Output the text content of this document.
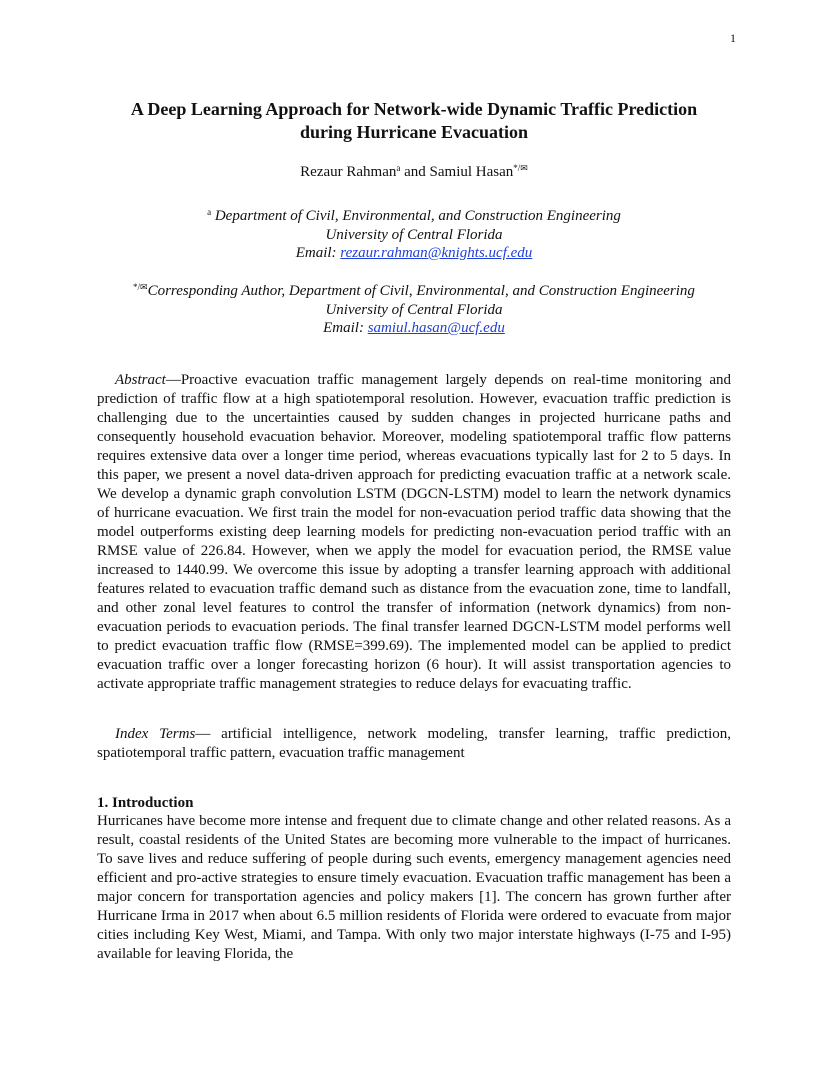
1
A Deep Learning Approach for Network-wide Dynamic Traffic Prediction
during Hurricane Evacuation
Rezaur Rahman$^a$ and Samiul Hasan*/✉
$^a$ Department of Civil, Environmental, and Construction Engineering
University of Central Florida
Email: rezaur.rahman@knights.ucf.edu
*/✉Corresponding Author, Department of Civil, Environmental, and Construction Engineering
University of Central Florida
Email: samiul.hasan@ucf.edu

Abstract—Proactive evacuation traffic management largely depends on real-time monitoring and prediction of traffic flow at a high spatiotemporal resolution. However, evacuation traffic prediction is challenging due to the uncertainties caused by sudden changes in projected hurricane paths and consequently household evacuation behavior. Moreover, modeling spatiotemporal traffic flow patterns requires extensive data over a longer time period, whereas evacuations typically last for 2 to 5 days. In this paper, we present a novel data-driven approach for predicting evacuation traffic at a network scale. We develop a dynamic graph convolution LSTM (DGCN-LSTM) model to learn the network dynamics of hurricane evacuation. We first train the model for non-evacuation period traffic data showing that the model outperforms existing deep learning models for predicting non-evacuation period traffic with an RMSE value of 226.84. However, when we apply the model for evacuation period, the RMSE value increased to 1440.99. We overcome this issue by adopting a transfer learning approach with additional features related to evacuation traffic demand such as distance from the evacuation zone, time to landfall, and other zonal level features to control the transfer of information (network dynamics) from non-evacuation periods to evacuation periods. The final transfer learned DGCN-LSTM model performs well to predict evacuation traffic flow (RMSE=399.69). The implemented model can be applied to predict evacuation traffic over a longer forecasting horizon (6 hour). It will assist transportation agencies to activate appropriate traffic management strategies to reduce delays for evacuating traffic.

Index Terms— artificial intelligence, network modeling, transfer learning, traffic prediction, spatiotemporal traffic pattern, evacuation traffic management

1. Introduction

Hurricanes have become more intense and frequent due to climate change and other related reasons. As a result, coastal residents of the United States are becoming more vulnerable to the impact of hurricanes. To save lives and reduce suffering of people during such events, emergency management agencies need efficient and pro-active strategies to ensure timely evacuation. Evacuation traffic management has been a major concern for transportation agencies and policy makers [1]. The concern has grown further after Hurricane Irma in 2017 when about 6.5 million residents of Florida were ordered to evacuate from major cities including Key West, Miami, and Tampa. With only two major interstate highways (I-75 and I-95) available for leaving Florida, the
